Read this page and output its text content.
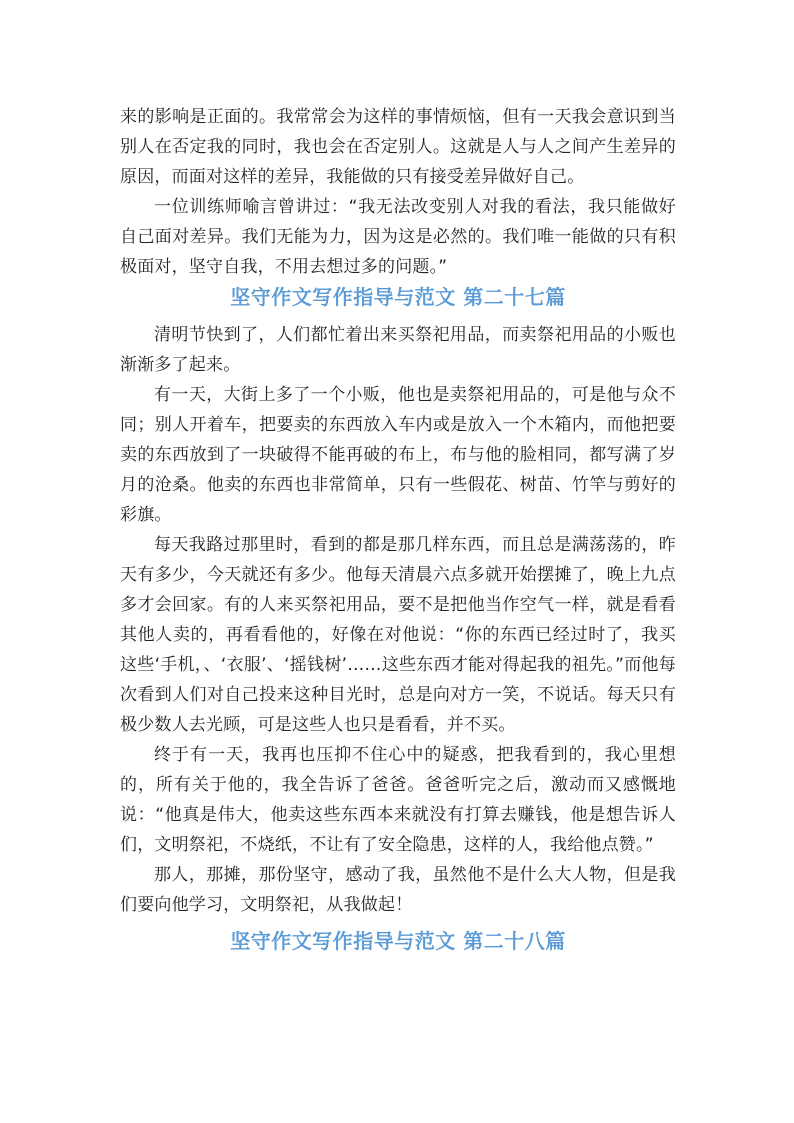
来的影响是正面的。我常常会为这样的事情烦恼，但有一天我会意识到当别人在否定我的同时，我也会在否定别人。这就是人与人之间产生差异的原因，而面对这样的差异，我能做的只有接受差异做好自己。

一位训练师喻言曾讲过：“我无法改变别人对我的看法，我只能做好自己面对差异。我们无能为力，因为这是必然的。我们唯一能做的只有积极面对，坚守自我，不用去想过多的问题。”

坚守作文写作指导与范文 第二十七篇

清明节快到了，人们都忙着出来买祭祀用品，而卖祭祀用品的小贩也渐渐多了起来。

有一天，大街上多了一个小贩，他也是卖祭祀用品的，可是他与众不同；别人开着车，把要卖的东西放入车内或是放入一个木箱内，而他把要卖的东西放到了一块破得不能再破的布上，布与他的脸相同，都写满了岁月的沧桑。他卖的东西也非常简单，只有一些假花、树苗、竹竿与剪好的彩旗。

每天我路过那里时，看到的都是那几样东西，而且总是满荡荡的，昨天有多少，今天就还有多少。他每天清晨六点多就开始摆摊了，晚上九点多才会回家。有的人来买祭祀用品，要不是把他当作空气一样，就是看看其他人卖的，再看看他的，好像在对他说：“你的东西已经过时了，我买这些‘手机，、‘衣服’、‘摇钱树’……这些东西才能对得起我的祖先。”而他每次看到人们对自己投来这种目光时，总是向对方一笑，不说话。每天只有极少数人去光顾，可是这些人也只是看看，并不买。

终于有一天，我再也压抑不住心中的疑惑，把我看到的，我心里想的，所有关于他的，我全告诉了爸爸。爸爸听完之后，激动而又感慨地说：“他真是伟大，他卖这些东西本来就没有打算去赚钱，他是想告诉人们，文明祭祀，不烧纸，不让有了安全隐患，这样的人，我给他点赞。”

那人，那摊，那份坚守，感动了我，虽然他不是什么大人物，但是我们要向他学习，文明祭祀，从我做起！

坚守作文写作指导与范文 第二十八篇
